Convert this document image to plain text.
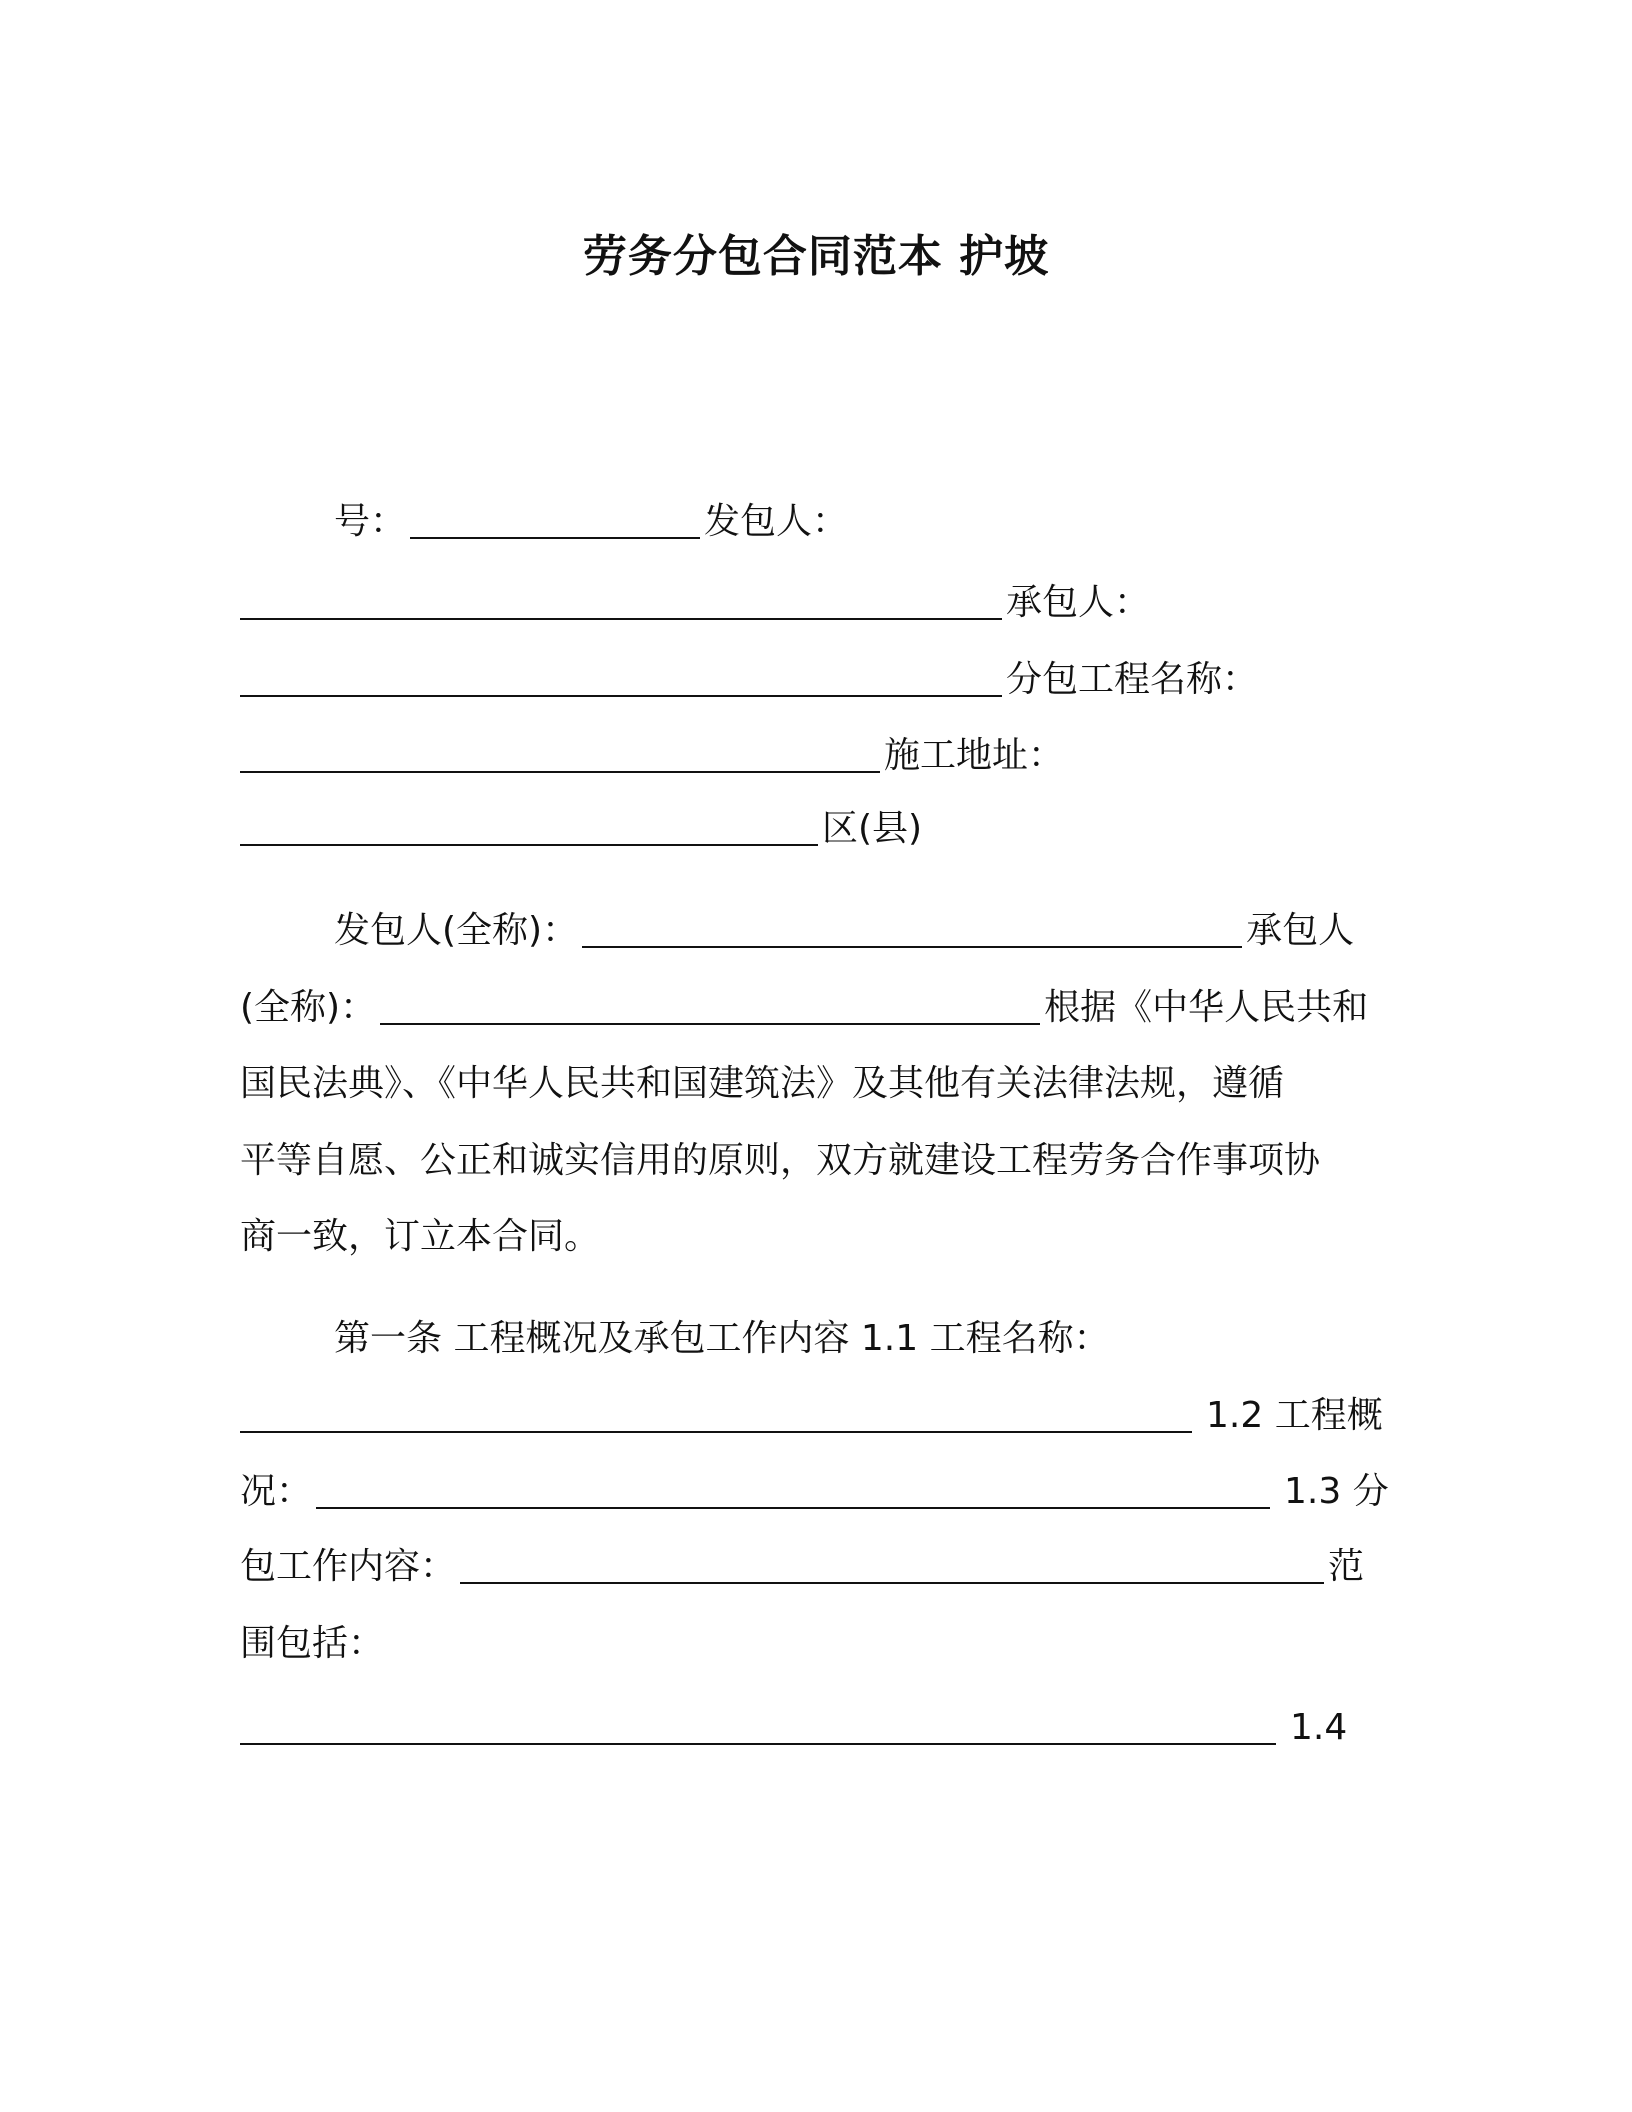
劳务分包合同范本 护坡
号：	发包人：
承包人：
分包工程名称：
施工地址：
区(县)
发包人(全称)：	承包人
(全称)：	根据《中华人民共和
国民法典》、《中华人民共和国建筑法》及其他有关法律法规，遵循
平等自愿、公正和诚实信用的原则，双方就建设工程劳务合作事项协
商一致，订立本合同。
第一条 工程概况及承包工作内容 1.1 工程名称：
1.2 工程概
况：	1.3 分
包工作内容：	范
围包括：
1.4
